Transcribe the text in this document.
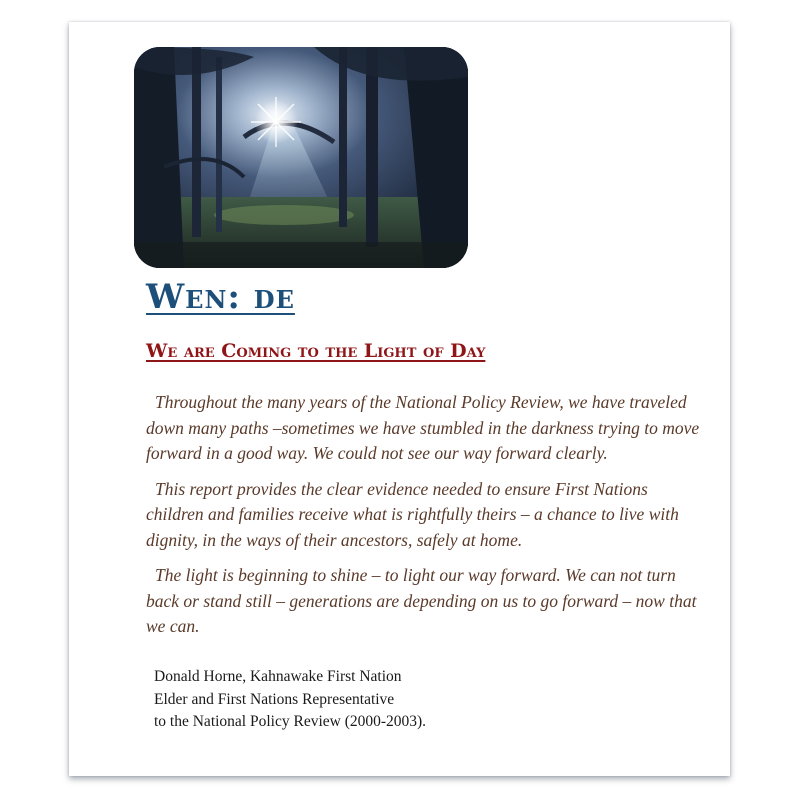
Wen: de
We are Coming to the Light of Day

Throughout the many years of the National Policy Review, we have traveled down many paths –sometimes we have stumbled in the darkness trying to move forward in a good way. We could not see our way forward clearly.

This report provides the clear evidence needed to ensure First Nations children and families receive what is rightfully theirs – a chance to live with dignity, in the ways of their ancestors, safely at home.

The light is beginning to shine – to light our way forward. We can not turn back or stand still – generations are depending on us to go forward – now that we can.

Donald Horne, Kahnawake First Nation
Elder and First Nations Representative
to the National Policy Review (2000-2003).
